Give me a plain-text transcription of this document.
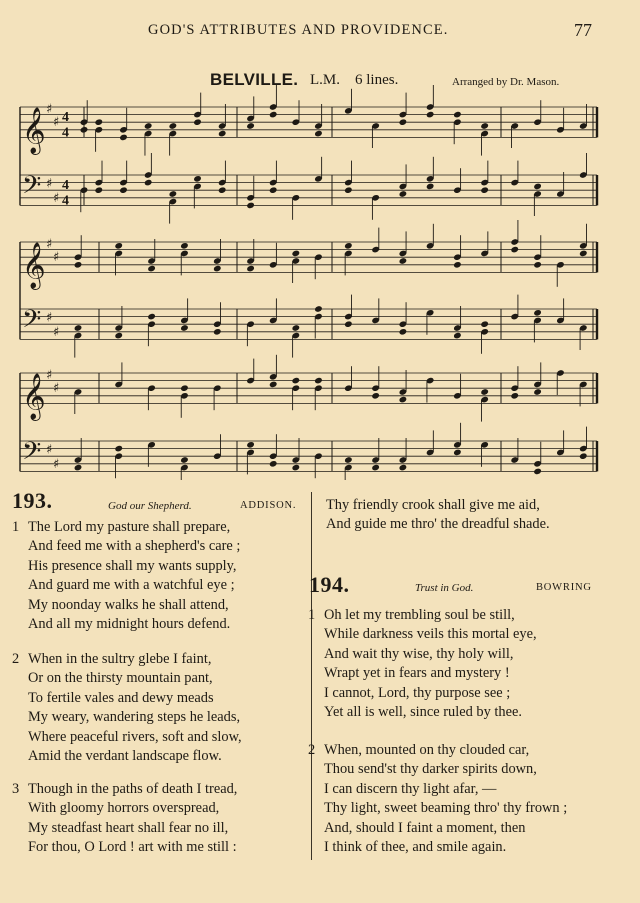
GOD'S ATTRIBUTES AND PROVIDENCE.	77
BELVILLE. L.M. 6 lines.	Arranged by Dr. Mason.
𝄞 ♯
♯ 4
4
𝄢 ♯
♯
4
4
𝄞 ♯
♯
𝄢 ♯
♯
𝄞 ♯
♯
𝄢 ♯
♯
193.	God our Shepherd.	ADDISON.
1 The Lord my pasture shall prepare,
And feed me with a shepherd's care ;
His presence shall my wants supply,
And guard me with a watchful eye ;
My noonday walks he shall attend,
And all my midnight hours defend.
2 When in the sultry glebe I faint,
Or on the thirsty mountain pant,
To fertile vales and dewy meads
My weary, wandering steps he leads,
Where peaceful rivers, soft and slow,
Amid the verdant landscape flow.
3 Though in the paths of death I tread,
With gloomy horrors overspread,
My steadfast heart shall fear no ill,
For thou, O Lord ! art with me still :
Thy friendly crook shall give me aid,
And guide me thro' the dreadful shade.
194.	Trust in God.	BOWRING
1 Oh let my trembling soul be still,
While darkness veils this mortal eye,
And wait thy wise, thy holy will,
Wrapt yet in fears and mystery !
I cannot, Lord, thy purpose see ;
Yet all is well, since ruled by thee.
2 When, mounted on thy clouded car,
Thou send'st thy darker spirits down,
I can discern thy light afar, —
Thy light, sweet beaming thro' thy frown ;
And, should I faint a moment, then
I think of thee, and smile again.
